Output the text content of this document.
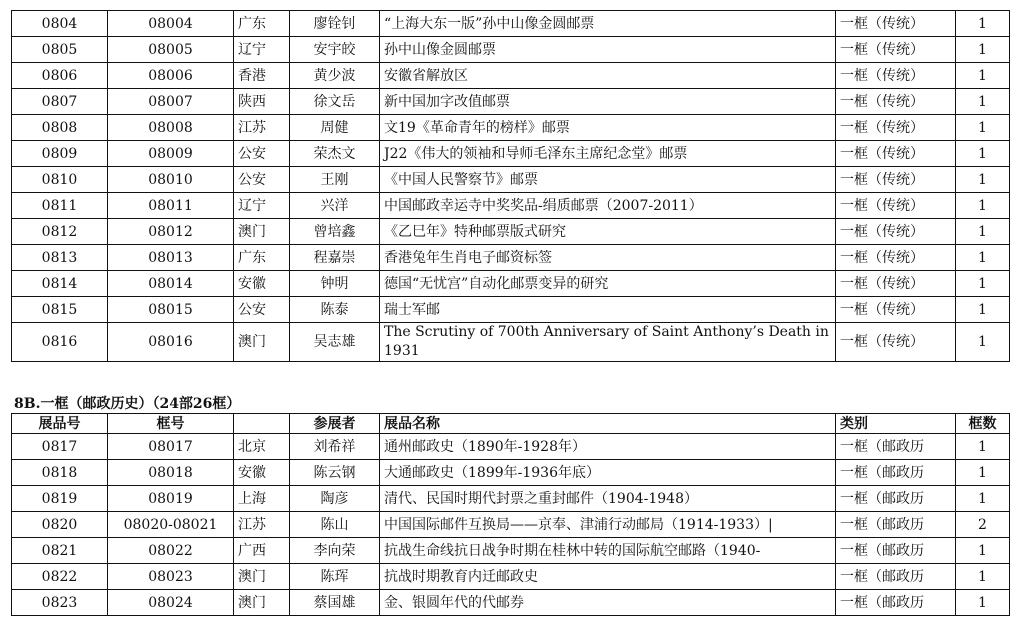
0804	08004	广东	廖铨钊	“上海大东一版”孙中山像金圆邮票	一框（传统）	1
0805	08005	辽宁	安宇皎	孙中山像金圆邮票	一框（传统）	1
0806	08006	香港	黄少波	安徽省解放区	一框（传统）	1
0807	08007	陕西	徐文岳	新中国加字改值邮票	一框（传统）	1
0808	08008	江苏	周健	文19《革命青年的榜样》邮票	一框（传统）	1
0809	08009	公安	荣杰文	J22《伟大的领袖和导师毛泽东主席纪念堂》邮票	一框（传统）	1
0810	08010	公安	王刚	《中国人民警察节》邮票	一框（传统）	1
0811	08011	辽宁	兴洋	中国邮政幸运寺中奖奖品-绢质邮票（2007-2011）	一框（传统）	1
0812	08012	澳门	曾培鑫	《乙巳年》特种邮票版式研究	一框（传统）	1
0813	08013	广东	程嘉崇	香港兔年生肖电子邮资标签	一框（传统）	1
0814	08014	安徽	钟明	德国“无忧宫”自动化邮票变异的研究	一框（传统）	1
0815	08015	公安	陈泰	瑞士军邮	一框（传统）	1
0816	08016	澳门	吴志雄	The Scrutiny of 700th Anniversary of Saint Anthony’s Death in 1931	一框（传统）	1
8B.一框（邮政历史）（24部26框）
展品号	框号		参展者	展品名称	类别	框数
0817	08017	北京	刘希祥	通州邮政史（1890年-1928年）	一框（邮政历	1
0818	08018	安徽	陈云钢	大通邮政史（1899年-1936年底）	一框（邮政历	1
0819	08019	上海	陶彦	清代、民国时期代封票之重封邮件（1904-1948）	一框（邮政历	1
0820	08020-08021	江苏	陈山	中国国际邮件互换局——京奉、津浦行动邮局（1914-1933）|	一框（邮政历	2
0821	08022	广西	李向荣	抗战生命线抗日战争时期在桂林中转的国际航空邮路（1940-	一框（邮政历	1
0822	08023	澳门	陈珲	抗战时期教育内迁邮政史	一框（邮政历	1
0823	08024	澳门	蔡国雄	金、银圆年代的代邮券	一框（邮政历	1
